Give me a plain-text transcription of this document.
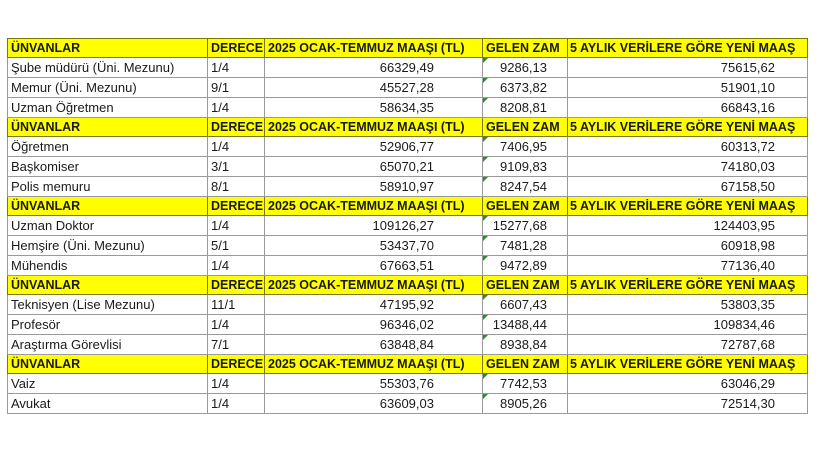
ÜNVANLAR	DERECE	2025 OCAK-TEMMUZ MAAŞI (TL)	GELEN ZAM	5 AYLIK VERİLERE GÖRE YENİ MAAŞ
Şube müdürü (Üni. Mezunu)	1/4	66329,49	9286,13	75615,62
Memur (Üni. Mezunu)	9/1	45527,28	6373,82	51901,10
Uzman Öğretmen	1/4	58634,35	8208,81	66843,16
ÜNVANLAR	DERECE	2025 OCAK-TEMMUZ MAAŞI (TL)	GELEN ZAM	5 AYLIK VERİLERE GÖRE YENİ MAAŞ
Öğretmen	1/4	52906,77	7406,95	60313,72
Başkomiser	3/1	65070,21	9109,83	74180,03
Polis memuru	8/1	58910,97	8247,54	67158,50
ÜNVANLAR	DERECE	2025 OCAK-TEMMUZ MAAŞI (TL)	GELEN ZAM	5 AYLIK VERİLERE GÖRE YENİ MAAŞ
Uzman Doktor	1/4	109126,27	15277,68	124403,95
Hemşire (Üni. Mezunu)	5/1	53437,70	7481,28	60918,98
Mühendis	1/4	67663,51	9472,89	77136,40
ÜNVANLAR	DERECE	2025 OCAK-TEMMUZ MAAŞI (TL)	GELEN ZAM	5 AYLIK VERİLERE GÖRE YENİ MAAŞ
Teknisyen (Lise Mezunu)	11/1	47195,92	6607,43	53803,35
Profesör	1/4	96346,02	13488,44	109834,46
Araştırma Görevlisi	7/1	63848,84	8938,84	72787,68
ÜNVANLAR	DERECE	2025 OCAK-TEMMUZ MAAŞI (TL)	GELEN ZAM	5 AYLIK VERİLERE GÖRE YENİ MAAŞ
Vaiz	1/4	55303,76	7742,53	63046,29
Avukat	1/4	63609,03	8905,26	72514,30
